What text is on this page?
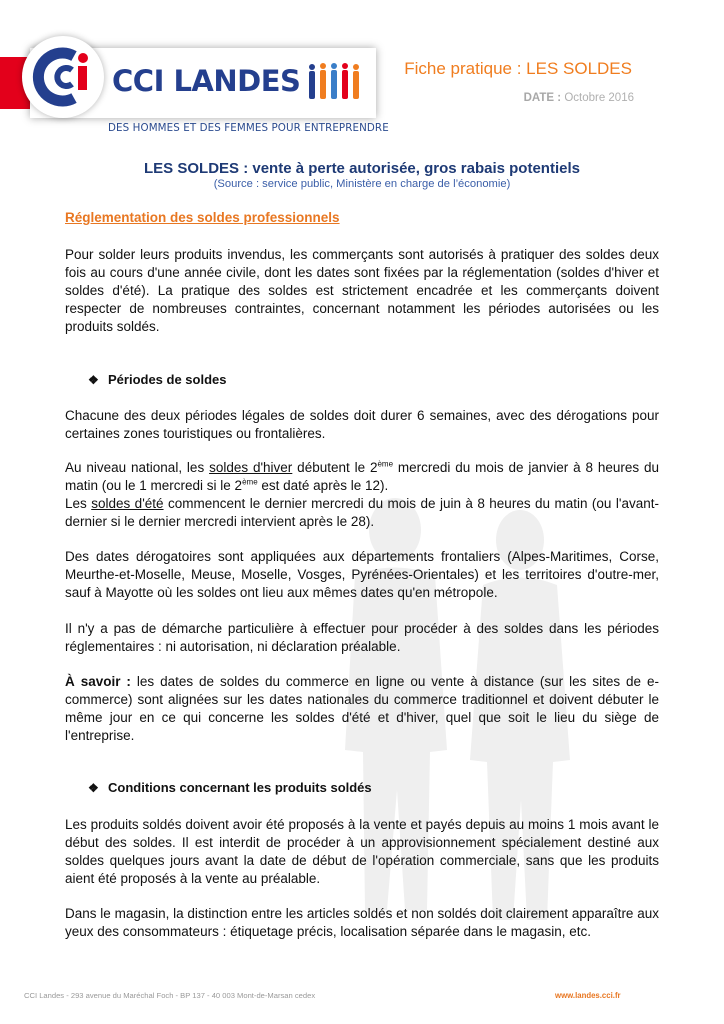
CCI LANDES
DES HOMMES ET DES FEMMES POUR ENTREPRENDRE
Fiche pratique : LES SOLDES
DATE : Octobre 2016
LES SOLDES : vente à perte autorisée, gros rabais potentiels
(Source : service public, Ministère en charge de l’économie)
Réglementation des soldes professionnels

Pour solder leurs produits invendus, les commerçants sont autorisés à pratiquer des soldes deux fois au cours d'une année civile, dont les dates sont fixées par la réglementation (soldes d'hiver et soldes d'été). La pratique des soldes est strictement encadrée et les commerçants doivent respecter de nombreuses contraintes, concernant notamment les périodes autorisées ou les produits soldés.

❖ Périodes de soldes

Chacune des deux périodes légales de soldes doit durer 6 semaines, avec des dérogations pour certaines zones touristiques ou frontalières.

Au niveau national, les soldes d'hiver débutent le 2ème mercredi du mois de janvier à 8 heures du matin (ou le 1 mercredi si le 2ème est daté après le 12).

Les soldes d'été commencent le dernier mercredi du mois de juin à 8 heures du matin (ou l'avant-dernier si le dernier mercredi intervient après le 28).

Des dates dérogatoires sont appliquées aux départements frontaliers (Alpes-Maritimes, Corse, Meurthe-et-Moselle, Meuse, Moselle, Vosges, Pyrénées-Orientales) et les territoires d'outre-mer, sauf à Mayotte où les soldes ont lieu aux mêmes dates qu'en métropole.

Il n'y a pas de démarche particulière à effectuer pour procéder à des soldes dans les périodes réglementaires : ni autorisation, ni déclaration préalable.

À savoir : les dates de soldes du commerce en ligne ou vente à distance (sur les sites de e-commerce) sont alignées sur les dates nationales du commerce traditionnel et doivent débuter le même jour en ce qui concerne les soldes d'été et d'hiver, quel que soit le lieu du siège de l'entreprise.

❖ Conditions concernant les produits soldés

Les produits soldés doivent avoir été proposés à la vente et payés depuis au moins 1 mois avant le début des soldes. Il est interdit de procéder à un approvisionnement spécialement destiné aux soldes quelques jours avant la date de début de l'opération commerciale, sans que les produits aient été proposés à la vente au préalable.

Dans le magasin, la distinction entre les articles soldés et non soldés doit clairement apparaître aux yeux des consommateurs : étiquetage précis, localisation séparée dans le magasin, etc.

CCI Landes - 293 avenue du Maréchal Foch - BP 137 - 40 003 Mont-de-Marsan cedex	www.landes.cci.fr
